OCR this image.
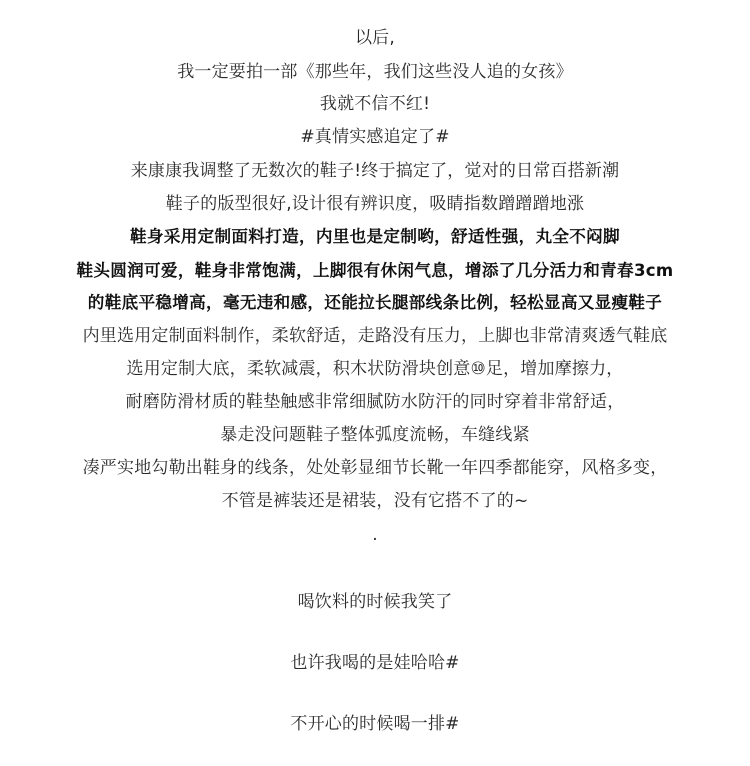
以后,
我一定要拍一部《那些年，我们这些没人追的女孩》
我就不信不红!
#真情实感追定了#
来康康我调整了无数次的鞋子!终于搞定了，觉对的日常百搭新潮
鞋子的版型很好,设计很有辨识度，吸睛指数蹭蹭蹭地涨
鞋身采用定制面料打造，内里也是定制哟，舒适性强，丸全不闷脚
鞋头圆润可爱，鞋身非常饱满，上脚很有休闲气息，增添了几分活力和青春3cm
的鞋底平稳增高，毫无违和感，还能拉长腿部线条比例，轻松显高又显瘦鞋子
内里选用定制面料制作，柔软舒适，走路没有压力，上脚也非常清爽透气鞋底
选用定制大底，柔软减震，积木状防滑块创意⑩足，增加摩擦力，
耐磨防滑材质的鞋垫触感非常细腻防水防汗的同时穿着非常舒适，
暴走没问题鞋子整体弧度流畅，车缝线紧
凑严实地勾勒出鞋身的线条，处处彰显细节长靴一年四季都能穿，风格多变，
不管是裤装还是裙装，没有它搭不了的~
.
喝饮料的时候我笑了
也许我喝的是娃哈哈#
不开心的时候喝一排#
